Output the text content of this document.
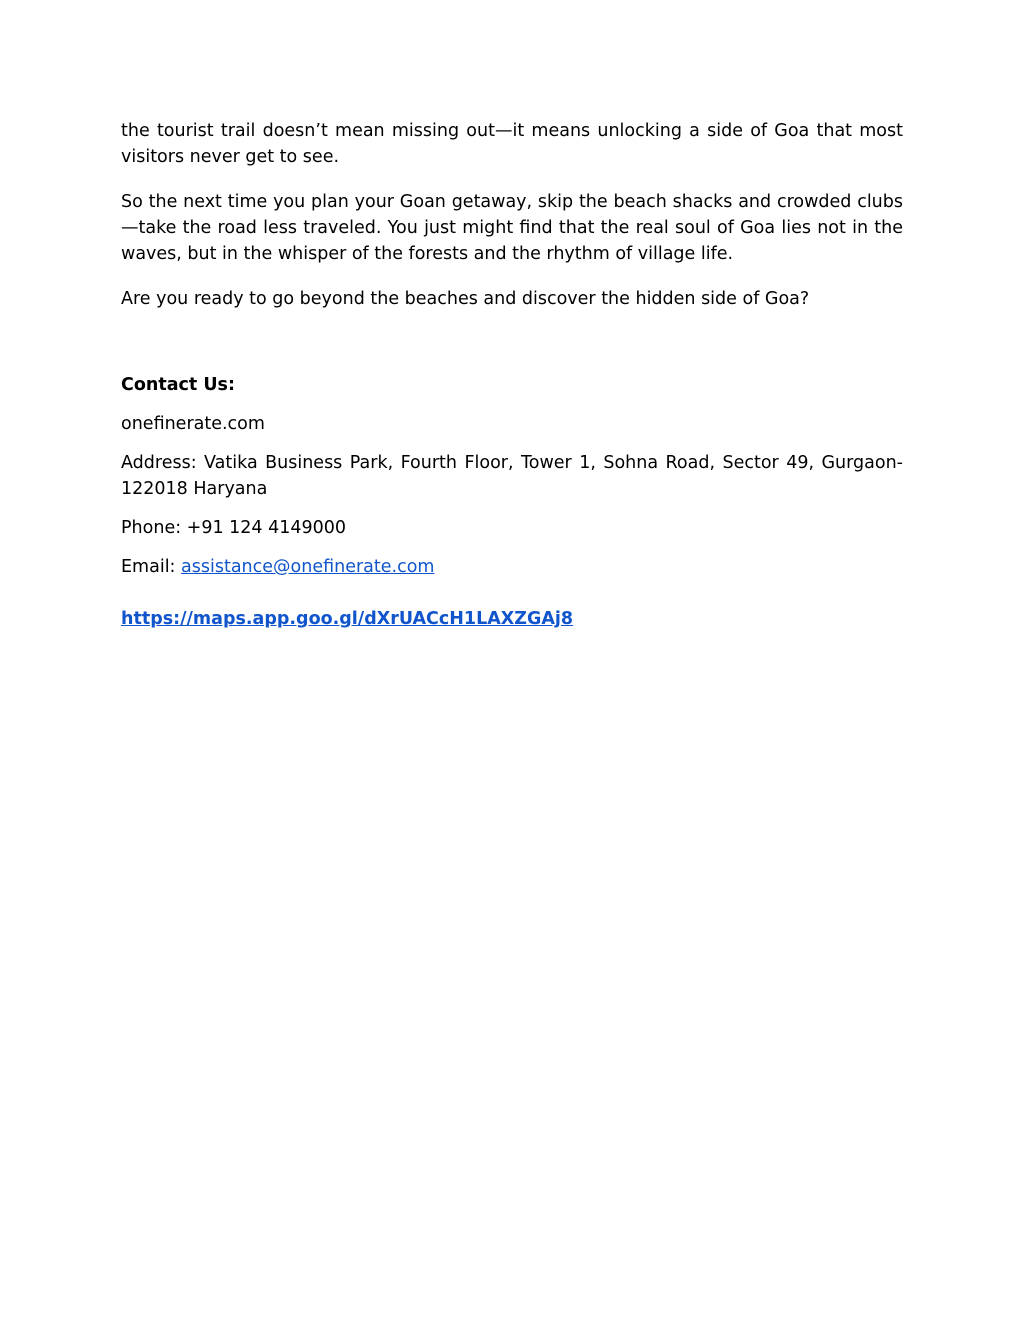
the tourist trail doesn’t mean missing out—it means unlocking a side of Goa that most visitors never get to see.

So the next time you plan your Goan getaway, skip the beach shacks and crowded clubs—take the road less traveled. You just might find that the real soul of Goa lies not in the waves, but in the whisper of the forests and the rhythm of village life.

Are you ready to go beyond the beaches and discover the hidden side of Goa?

Contact Us:

onefinerate.com

Address: Vatika Business Park, Fourth Floor, Tower 1, Sohna Road, Sector 49, Gurgaon- 122018 Haryana

Phone: +91 124 4149000

Email: assistance@onefinerate.com

https://maps.app.goo.gl/dXrUACcH1LAXZGAj8
